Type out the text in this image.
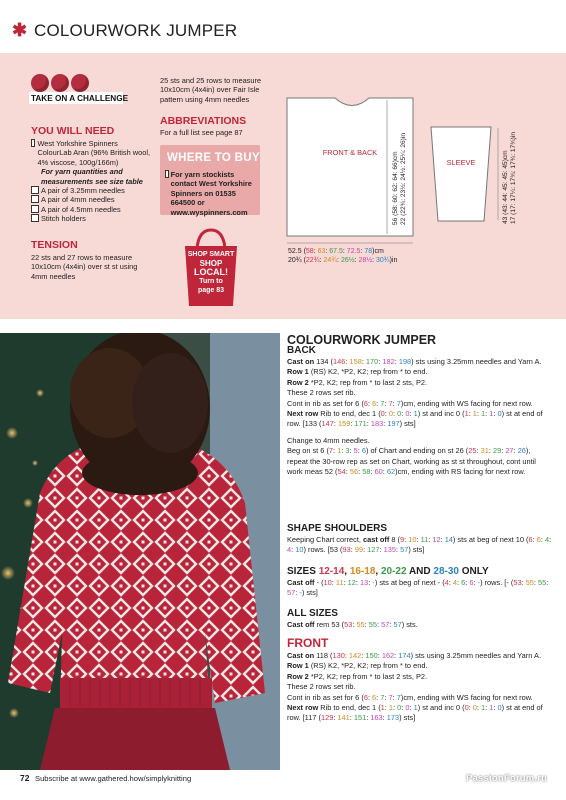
✱ COLOURWORK JUMPER
TAKE ON A CHALLENGE
YOU WILL NEED
West Yorkshire Spinners ColourLab Aran (96% British wool, 4% viscose, 100g/166m)
For yarn quantities and measurements see size table
A pair of 3.25mm needles
A pair of 4mm needles
A pair of 4.5mm needles
Stitch holders
TENSION
22 sts and 27 rows to measure 10x10cm (4x4in) over st st using 4mm needles
25 sts and 25 rows to measure 10x10cm (4x4in) over Fair Isle pattern using 4mm needles
ABBREVIATIONS
For a full list see page 87
WHERE TO BUY
For yarn stockists contact West Yorkshire Spinners on 01535 664500 or www.wyspinners.com
SHOP SMART
SHOP
LOCAL!
Turn to
page 83
FRONT & BACK	56 (58: 60: 62: 64: 66)cm 22 (22¾: 23½: 24½: 25¼: 26)in	SLEEVE	43 (43: 44: 45: 45: 45)cm 17 (17: 17¼: 17¾: 17¾: 17¾)in
52.5 (58: 63: 67.5: 72.5: 78)cm
20¾ (22¾: 24¾: 26½: 28½: 30¾)in
COLOURWORK JUMPER
BACK
Cast on 134 (146: 158: 170: 182: 198) sts using 3.25mm needles and Yarn A.
Row 1 (RS) K2, *P2, K2; rep from * to end.
Row 2 *P2, K2; rep from * to last 2 sts, P2.
These 2 rows set rib.
Cont in rib as set for 6 (6: 6: 7: 7: 7)cm, ending with WS facing for next row.
Next row Rib to end, dec 1 (0: 0: 0: 0: 1) st and inc 0 (1: 1: 1: 1: 0) st at end of row. [133 (147: 159: 171: 183: 197) sts]
Change to 4mm needles.
Beg on st 6 (7: 1: 3: 5: 6) of Chart and ending on st 26 (25: 31: 29: 27: 26), repeat the 30-row rep as set on Chart, working as st st throughout, cont until work meas 52 (54: 56: 58: 60: 62)cm, ending with RS facing for next row.
SHAPE SHOULDERS
Keeping Chart correct, cast off 8 (9: 10: 11: 12: 14) sts at beg of next 10 (6: 6: 4: 4: 10) rows. [53 (93: 99: 127: 135: 57) sts]
SIZES 12-14, 16-18, 20-22 AND 28-30 ONLY
Cast off - (10: 11: 12: 13: -) sts at beg of next - (4: 4: 6: 6: -) rows. [- (53: 55: 55: 57: -) sts]
ALL SIZES
Cast off rem 53 (53: 55: 55: 57: 57) sts.
FRONT
Cast on 118 (130: 142: 150: 162: 174) sts using 3.25mm needles and Yarn A.
Row 1 (RS) K2, *P2, K2; rep from * to end.
Row 2 *P2, K2; rep from * to last 2 sts, P2.
These 2 rows set rib.
Cont in rib as set for 6 (6: 6: 7: 7: 7)cm, ending with WS facing for next row.
Next row Rib to end, dec 1 (1: 1: 0: 0: 1) st and inc 0 (0: 0: 1: 1: 0) st at end of row. [117 (129: 141: 151: 163: 173) sts]
72 Subscribe at www.gathered.how/simplyknitting	PassionForum.ru
